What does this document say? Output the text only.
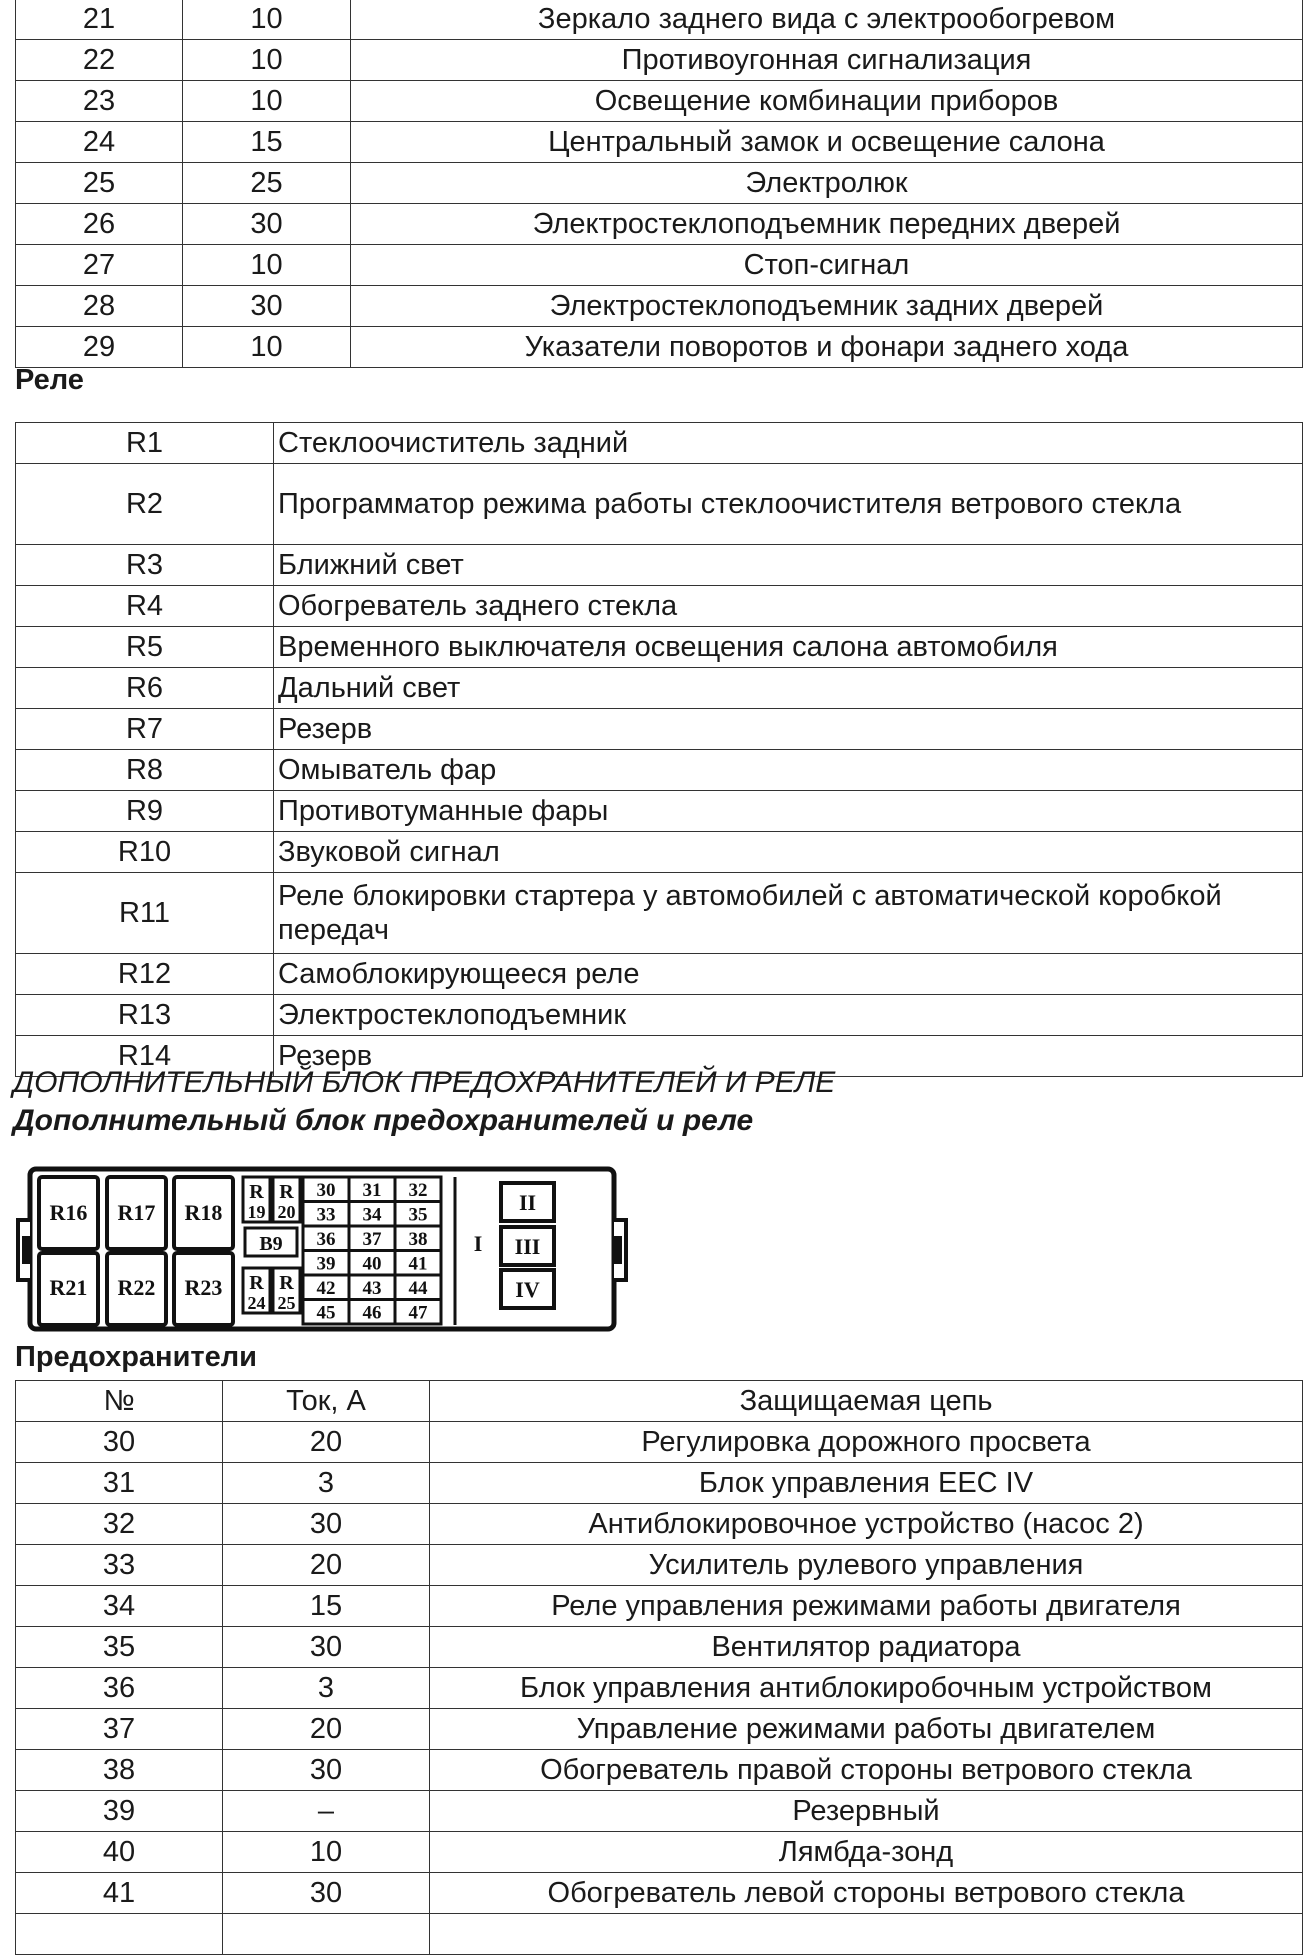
21	10	Зеркало заднего вида с электрообогревом
22	10	Противоугонная сигнализация
23	10	Освещение комбинации приборов
24	15	Центральный замок и освещение салона
25	25	Электролюк
26	30	Электростеклоподъемник передних дверей
27	10	Стоп-сигнал
28	30	Электростеклоподъемник задних дверей
29	10	Указатели поворотов и фонари заднего хода
Реле
R1	Стеклоочиститель задний
R2	Программатор режима работы стеклоочистителя ветрового стекла
R3	Ближний свет
R4	Обогреватель заднего стекла
R5	Временного выключателя освещения салона автомобиля
R6	Дальний свет
R7	Резерв
R8	Омыватель фар
R9	Противотуманные фары
R10	Звуковой сигнал
R11	Реле блокировки стартера у автомобилей с автоматической коробкой передач
R12	Самоблокирующееся реле
R13	Электростеклоподъемник
R14	Резерв
ДОПОЛНИТЕЛЬНЫЙ БЛОК ПРЕДОХРАНИТЕЛЕЙ И РЕЛЕ
Дополнительный блок предохранителей и реле
R16 R17 R18
R21 R22 R23
R
19
R
20
B9
R
24
R
25
30 31 32
33 34 35
36 37 38
39 40 41
42 43 44
45 46 47
I
II
III
IV
Предохранители
№	Ток, А	Защищаемая цепь
30	20	Регулировка дорожного просвета
31	3	Блок управления EEC IV
32	30	Антиблокировочное устройство (насос 2)
33	20	Усилитель рулевого управления
34	15	Реле управления режимами работы двигателя
35	30	Вентилятор радиатора
36	3	Блок управления антиблокиробочным устройством
37	20	Управление режимами работы двигателем
38	30	Обогреватель правой стороны ветрового стекла
39	–	Резервный
40	10	Лямбда-зонд
41	30	Обогреватель левой стороны ветрового стекла
